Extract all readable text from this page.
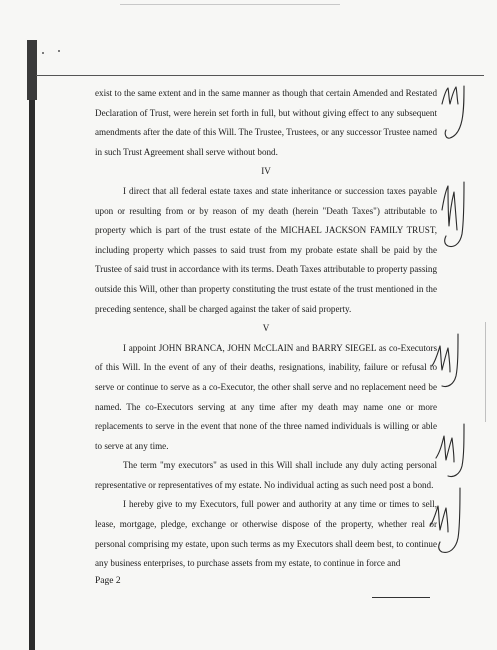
exist to the same extent and in the same manner as though that certain Amended and Restated Declaration of Trust, were herein set forth in full, but without giving effect to any subsequent amendments after the date of this Will. The Trustee, Trustees, or any successor Trustee named in such Trust Agreement shall serve without bond.

IV

I direct that all federal estate taxes and state inheritance or succession taxes payable upon or resulting from or by reason of my death (herein "Death Taxes") attributable to property which is part of the trust estate of the MICHAEL JACKSON FAMILY TRUST, including property which passes to said trust from my probate estate shall be paid by the Trustee of said trust in accordance with its terms. Death Taxes attributable to property passing outside this Will, other than property constituting the trust estate of the trust mentioned in the preceding sentence, shall be charged against the taker of said property.

V

I appoint JOHN BRANCA, JOHN McCLAIN and BARRY SIEGEL as co-Executors of this Will. In the event of any of their deaths, resignations, inability, failure or refusal to serve or continue to serve as a co-Executor, the other shall serve and no replacement need be named. The co-Executors serving at any time after my death may name one or more replacements to serve in the event that none of the three named individuals is willing or able to serve at any time.

The term "my executors" as used in this Will shall include any duly acting personal representative or representatives of my estate. No individual acting as such need post a bond.

I hereby give to my Executors, full power and authority at any time or times to sell, lease, mortgage, pledge, exchange or otherwise dispose of the property, whether real or personal comprising my estate, upon such terms as my Executors shall deem best, to continue any business enterprises, to purchase assets from my estate, to continue in force and

Page 2
